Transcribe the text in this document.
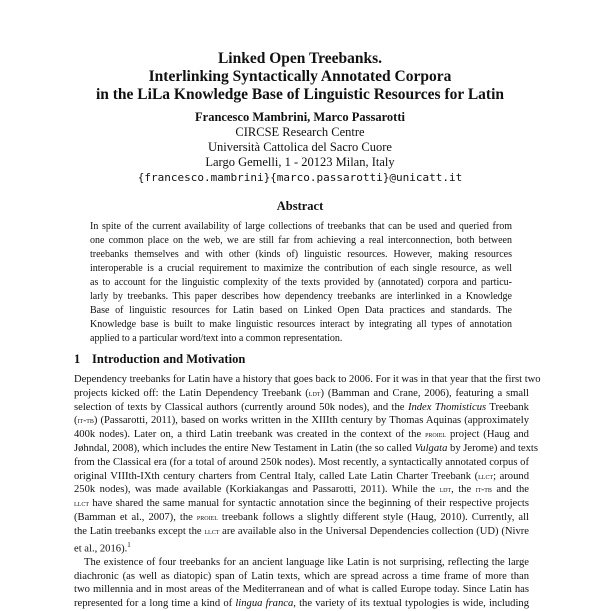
Linked Open Treebanks.
Interlinking Syntactically Annotated Corpora
in the LiLa Knowledge Base of Linguistic Resources for Latin
Francesco Mambrini, Marco Passarotti
CIRCSE Research Centre
Università Cattolica del Sacro Cuore
Largo Gemelli, 1 - 20123 Milan, Italy
{francesco.mambrini}{marco.passarotti}@unicatt.it
Abstract
In spite of the current availability of large collections of treebanks that can be used and queried from
one common place on the web, we are still far from achieving a real interconnection, both between
treebanks themselves and with other (kinds of) linguistic resources. However, making resources
interoperable is a crucial requirement to maximize the contribution of each single resource, as well
as to account for the linguistic complexity of the texts provided by (annotated) corpora and particu-
larly by treebanks. This paper describes how dependency treebanks are interlinked in a Knowledge
Base of linguistic resources for Latin based on Linked Open Data practices and standards. The
Knowledge base is built to make linguistic resources interact by integrating all types of annotation
applied to a particular word/text into a common representation.
1 Introduction and Motivation
Dependency treebanks for Latin have a history that goes back to 2006. For it was in that year that the first two
projects kicked off: the Latin Dependency Treebank (ldt) (Bamman and Crane, 2006), featuring a small
selection of texts by Classical authors (currently around 50k nodes), and the Index Thomisticus Treebank
(it-tb) (Passarotti, 2011), based on works written in the XIIIth century by Thomas Aquinas (approximately
400k nodes). Later on, a third Latin treebank was created in the context of the proiel project (Haug and
Jøhndal, 2008), which includes the entire New Testament in Latin (the so called Vulgata by Jerome) and texts
from the Classical era (for a total of around 250k nodes). Most recently, a syntactically annotated corpus of
original VIIIth-IXth century charters from Central Italy, called Late Latin Charter Treebank (llct; around
250k nodes), was made available (Korkiakangas and Passarotti, 2011). While the ldt, the it-tb and the
llct have shared the same manual for syntactic annotation since the beginning of their respective projects
(Bamman et al., 2007), the proiel treebank follows a slightly different style (Haug, 2010). Currently, all
the Latin treebanks except the llct are available also in the Universal Dependencies collection (UD) (Nivre
et al., 2016).$^1$
The existence of four treebanks for an ancient language like Latin is not surprising, reflecting the large
diachronic (as well as diatopic) span of Latin texts, which are spread across a time frame of more than
two millennia and in most areas of the Mediterranean and of what is called Europe today. Since Latin has
represented for a long time a kind of lingua franca, the variety of its textual typologies is wide, including
